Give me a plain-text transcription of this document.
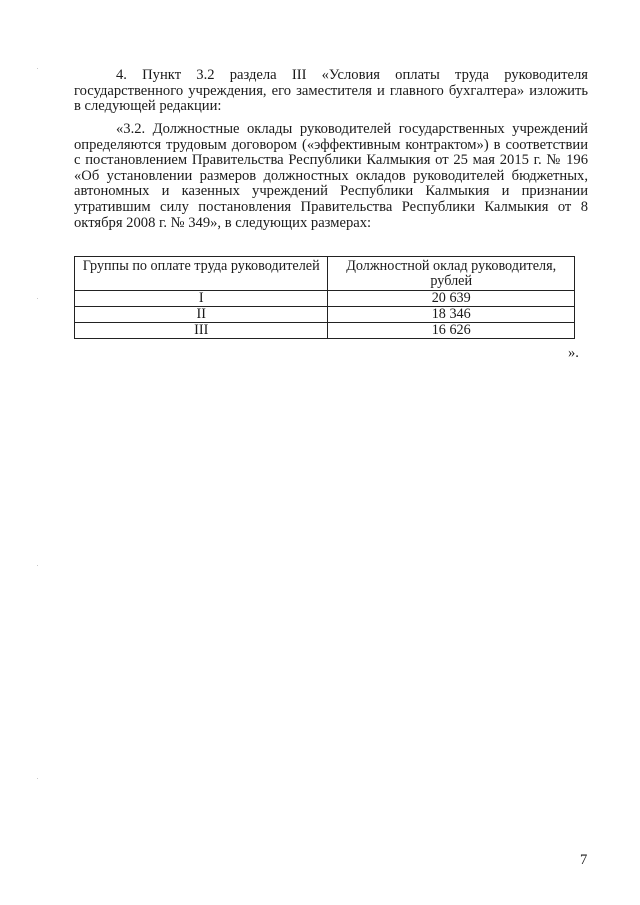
4. Пункт 3.2 раздела III «Условия оплаты труда руководителя государственного учреждения, его заместителя и главного бухгалтера» изложить в следующей редакции:

«3.2. Должностные оклады руководителей государственных учреждений определяются трудовым договором («эффективным контрактом») в соответствии с постановлением Правительства Республики Калмыкия от 25 мая 2015 г. № 196 «Об установлении размеров должностных окладов руководителей бюджетных, автономных и казенных учреждений Республики Калмыкия и признании утратившим силу постановления Правительства Республики Калмыкия от 8 октября 2008 г. № 349», в следующих размерах:

Группы по оплате труда руководителей	Должностной оклад руководителя, рублей
I	20 639
II	18 346
III	16 626
».
7
